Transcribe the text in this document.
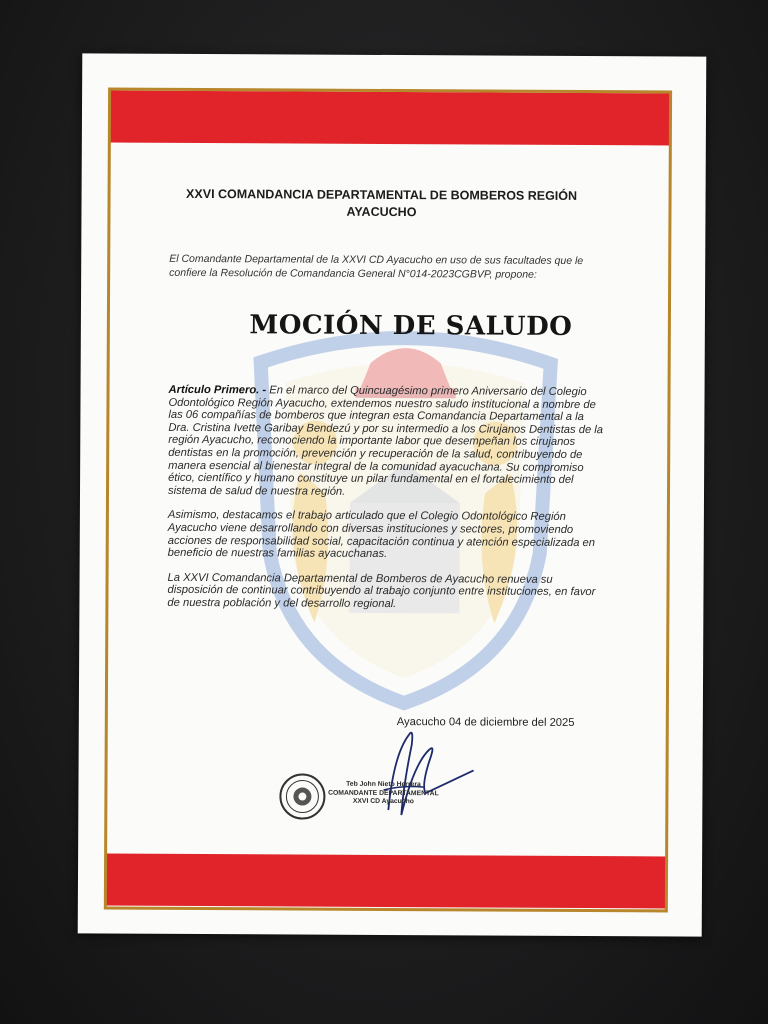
XXVI COMANDANCIA DEPARTAMENTAL DE BOMBEROS REGIÓN AYACUCHO
El Comandante Departamental de la XXVI CD Ayacucho en uso de sus facultades que le confiere la Resolución de Comandancia General N°014-2023CGBVP, propone:
MOCIÓN DE SALUDO

Artículo Primero. - En el marco del Quincuagésimo primero Aniversario del Colegio Odontológico Región Ayacucho, extendemos nuestro saludo institucional a nombre de las 06 compañías de bomberos que integran esta Comandancia Departamental a la Dra. Cristina Ivette Garibay Bendezú y por su intermedio a los Cirujanos Dentistas de la región Ayacucho, reconociendo la importante labor que desempeñan los cirujanos dentistas en la promoción, prevención y recuperación de la salud, contribuyendo de manera esencial al bienestar integral de la comunidad ayacuchana. Su compromiso ético, científico y humano constituye un pilar fundamental en el fortalecimiento del sistema de salud de nuestra región.

Asimismo, destacamos el trabajo articulado que el Colegio Odontológico Región Ayacucho viene desarrollando con diversas instituciones y sectores, promoviendo acciones de responsabilidad social, capacitación continua y atención especializada en beneficio de nuestras familias ayacuchanas.

La XXVI Comandancia Departamental de Bomberos de Ayacucho renueva su disposición de continuar contribuyendo al trabajo conjunto entre instituciones, en favor de nuestra población y del desarrollo regional.

Ayacucho 04 de diciembre del 2025
Teb John Nieto Herrera
COMANDANTE DEPARTAMENTAL
XXVI CD Ayacucho
